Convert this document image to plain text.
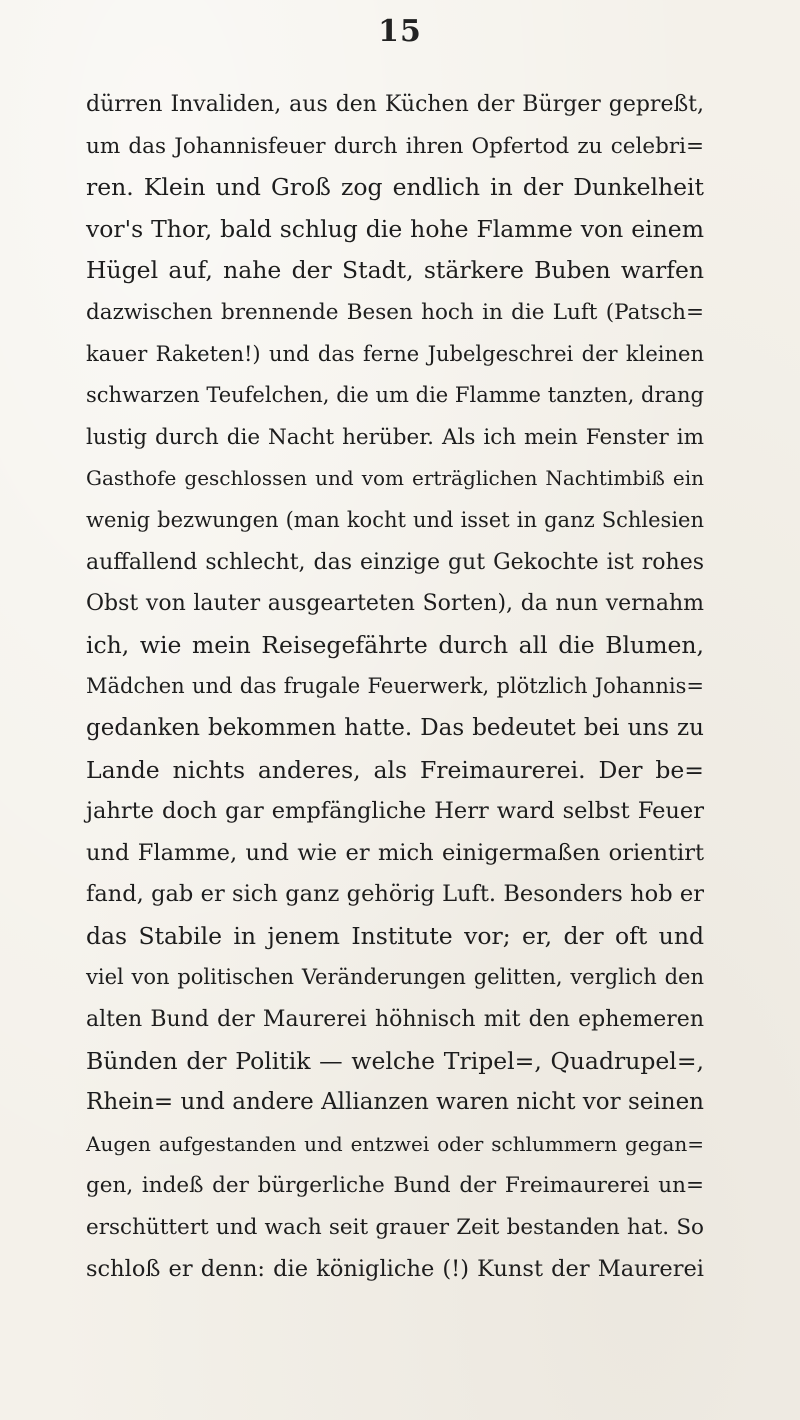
15
dürren Invaliden, aus den Küchen der Bürger gepreßt,
um das Johannisfeuer durch ihren Opfertod zu celebri=
ren. Klein und Groß zog endlich in der Dunkelheit
vor's Thor, bald schlug die hohe Flamme von einem
Hügel auf, nahe der Stadt, stärkere Buben warfen
dazwischen brennende Besen hoch in die Luft (Patsch=
kauer Raketen!) und das ferne Jubelgeschrei der kleinen
schwarzen Teufelchen, die um die Flamme tanzten, drang
lustig durch die Nacht herüber. Als ich mein Fenster im
Gasthofe geschlossen und vom erträglichen Nachtimbiß ein
wenig bezwungen (man kocht und isset in ganz Schlesien
auffallend schlecht, das einzige gut Gekochte ist rohes
Obst von lauter ausgearteten Sorten), da nun vernahm
ich, wie mein Reisegefährte durch all die Blumen,
Mädchen und das frugale Feuerwerk, plötzlich Johannis=
gedanken bekommen hatte. Das bedeutet bei uns zu
Lande nichts anderes, als Freimaurerei. Der be=
jahrte doch gar empfängliche Herr ward selbst Feuer
und Flamme, und wie er mich einigermaßen orientirt
fand, gab er sich ganz gehörig Luft. Besonders hob er
das Stabile in jenem Institute vor; er, der oft und
viel von politischen Veränderungen gelitten, verglich den
alten Bund der Maurerei höhnisch mit den ephemeren
Bünden der Politik — welche Tripel=, Quadrupel=,
Rhein= und andere Allianzen waren nicht vor seinen
Augen aufgestanden und entzwei oder schlummern gegan=
gen, indeß der bürgerliche Bund der Freimaurerei un=
erschüttert und wach seit grauer Zeit bestanden hat. So
schloß er denn: die königliche (!) Kunst der Maurerei
